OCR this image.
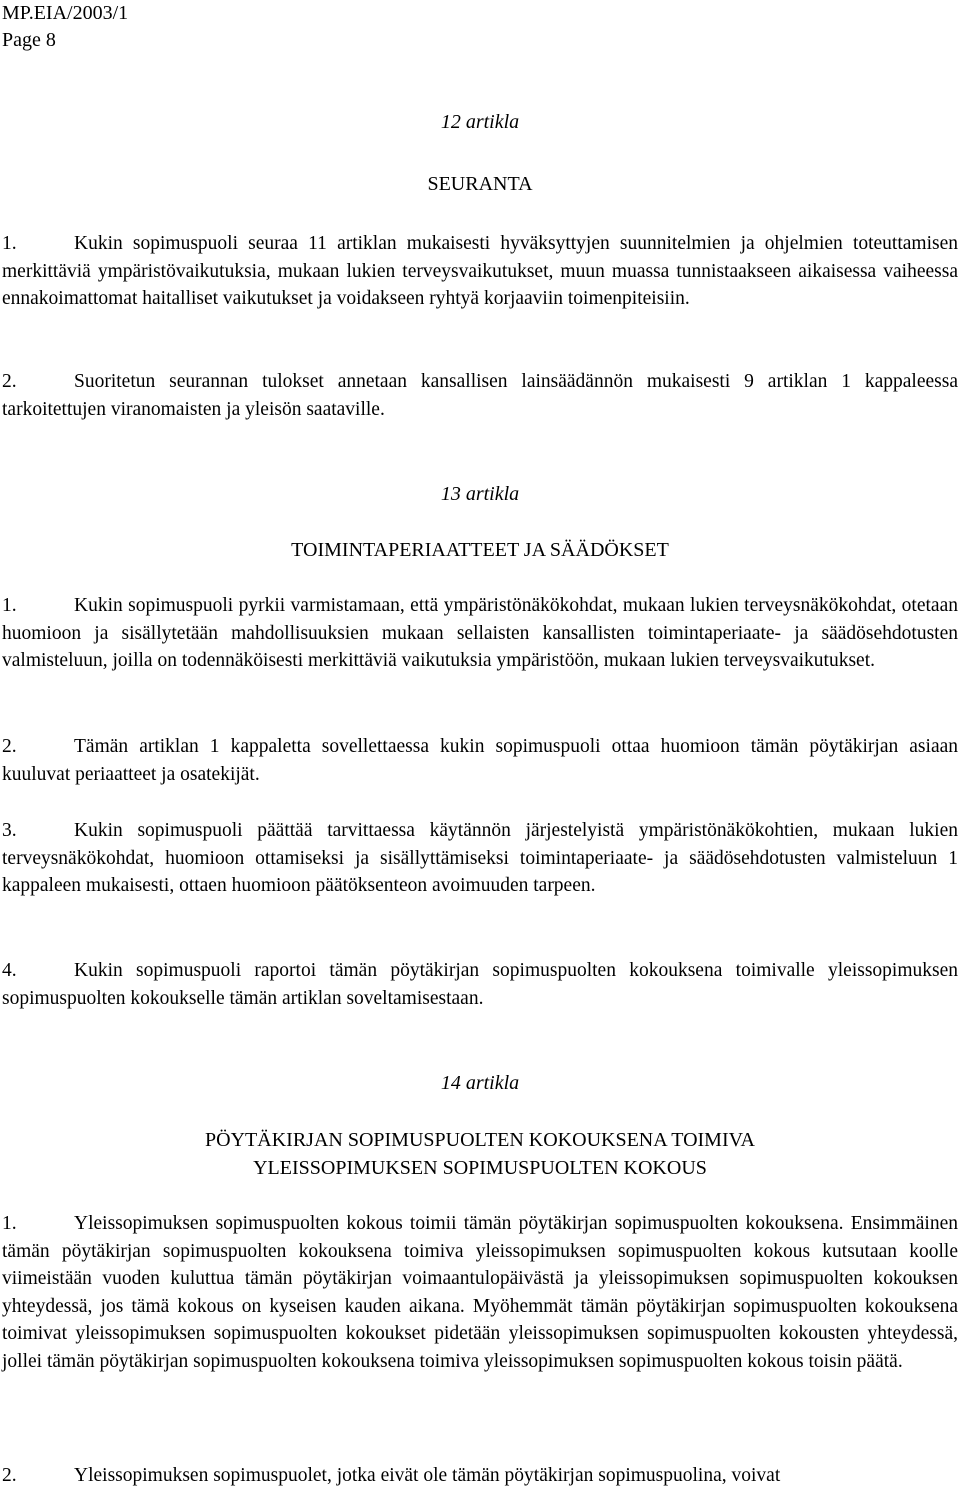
MP.EIA/2003/1
Page 8
12 artikla
SEURANTA
1.	Kukin sopimuspuoli seuraa 11 artiklan mukaisesti hyväksyttyjen suunnitelmien ja ohjelmien toteuttamisen merkittäviä ympäristövaikutuksia, mukaan lukien terveysvaikutukset, muun muassa tunnistaakseen aikaisessa vaiheessa ennakoimattomat haitalliset vaikutukset ja voidakseen ryhtyä korjaaviin toimenpiteisiin.
2.	Suoritetun seurannan tulokset annetaan kansallisen lainsäädännön mukaisesti 9 artiklan 1 kappaleessa tarkoitettujen viranomaisten ja yleisön saataville.
13 artikla
TOIMINTAPERIAATTEET JA SÄÄDÖKSET
1.	Kukin sopimuspuoli pyrkii varmistamaan, että ympäristönäkökohdat, mukaan lukien terveysnäkökohdat, otetaan huomioon ja sisällytetään mahdollisuuksien mukaan sellaisten kansallisten toimintaperiaate- ja säädösehdotusten valmisteluun, joilla on todennäköisesti merkittäviä vaikutuksia ympäristöön, mukaan lukien terveysvaikutukset.
2.	Tämän artiklan 1 kappaletta sovellettaessa kukin sopimuspuoli ottaa huomioon tämän pöytäkirjan asiaan kuuluvat periaatteet ja osatekijät.
3.	Kukin sopimuspuoli päättää tarvittaessa käytännön järjestelyistä ympäristönäkökohtien, mukaan lukien terveysnäkökohdat, huomioon ottamiseksi ja sisällyttämiseksi toimintaperiaate- ja säädösehdotusten valmisteluun 1 kappaleen mukaisesti, ottaen huomioon päätöksenteon avoimuuden tarpeen.
4.	Kukin sopimuspuoli raportoi tämän pöytäkirjan sopimuspuolten kokouksena toimivalle yleissopimuksen sopimuspuolten kokoukselle tämän artiklan soveltamisestaan.
14 artikla
PÖYTÄKIRJAN SOPIMUSPUOLTEN KOKOUKSENA TOIMIVA
YLEISSOPIMUKSEN SOPIMUSPUOLTEN KOKOUS
1.	Yleissopimuksen sopimuspuolten kokous toimii tämän pöytäkirjan sopimuspuolten kokouksena. Ensimmäinen tämän pöytäkirjan sopimuspuolten kokouksena toimiva yleissopimuksen sopimuspuolten kokous kutsutaan koolle viimeistään vuoden kuluttua tämän pöytäkirjan voimaantulopäivästä ja yleissopimuksen sopimuspuolten kokouksen yhteydessä, jos tämä kokous on kyseisen kauden aikana. Myöhemmät tämän pöytäkirjan sopimuspuolten kokouksena toimivat yleissopimuksen sopimuspuolten kokoukset pidetään yleissopimuksen sopimuspuolten kokousten yhteydessä, jollei tämän pöytäkirjan sopimuspuolten kokouksena toimiva yleissopimuksen sopimuspuolten kokous toisin päätä.
2.	Yleissopimuksen sopimuspuolet, jotka eivät ole tämän pöytäkirjan sopimuspuolina, voivat
